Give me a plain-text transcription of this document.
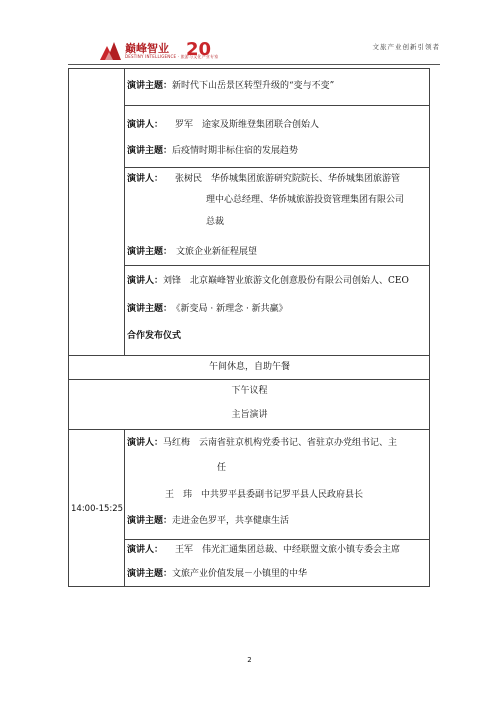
巅峰智业
DESTINY INTELLIGENCE · 旅游与文化产业专家
20	文旅产业创新引领者
演讲主题：新时代下山岳景区转型升级的“变与不变”
演讲人： 罗军　途家及斯维登集团联合创始人
演讲主题：后疫情时期非标住宿的发展趋势
演讲人： 张树民　华侨城集团旅游研究院院长、华侨城集团旅游管
理中心总经理、华侨城旅游投资管理集团有限公司
总裁
演讲主题： 文旅企业新征程展望
演讲人：刘锋　北京巅峰智业旅游文化创意股份有限公司创始人、CEO
演讲主题： 《新变局 · 新理念 · 新共赢》
合作发布仪式
午间休息，自助午餐
下午议程
主旨演讲
14:00-15:25
演讲人：马红梅　云南省驻京机构党委书记、省驻京办党组书记、主
任
王　玮　中共罗平县委副书记罗平县人民政府县长
演讲主题：走进金色罗平，共享健康生活
演讲人： 王军　伟光汇通集团总裁、中经联盟文旅小镇专委会主席
演讲主题：文旅产业价值发展－小镇里的中华
2
